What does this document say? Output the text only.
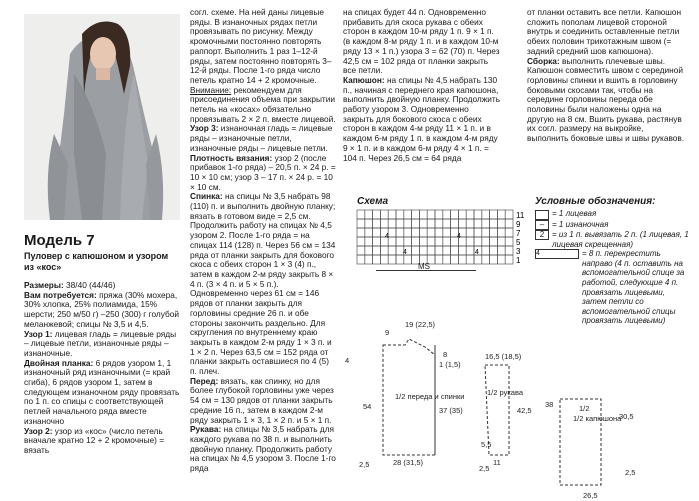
Модель 7
Пуловер с капюшоном и узором из «кос»

Размеры: 38/40 (44/46)

Вам потребуется: пряжа (30% мохера, 30% хлопка, 25% полиамида, 15% шерсти; 250 м/50 г) –250 (300) г голубой меланжевой; спицы № 3,5 и 4,5.

Узор 1: лицевая гладь = лицевые ряды – лицевые петли, изнаночные ряды – изнаночные.

Двойная планка: 6 рядов узором 1, 1 изнаночный ряд изнаночными (= край сгиба), 6 рядов узором 1, затем в следующем изнаночном ряду провязать по 1 п. со спицы с соответствующей петлей начального ряда вместе изнаночно

Узор 2: узор из «кос» (число петель вначале кратно 12 + 2 кромочные) = вязать

согл. схеме. На ней даны лицевые ряды. В изнаночных рядах петли провязывать по рисунку. Между кромочными постоянно повторять раппорт. Выполнить 1 раз 1–12-й ряды, затем постоянно повторять 3–12-й ряды. После 1-го ряда число петель кратно 14 + 2 кромочные.

Внимание: рекомендуем для присоединения объема при закрытии петель на «косах» обязательно провязывать 2 × 2 п. вместе лицевой.

Узор 3: изнаночная гладь = лицевые ряды – изнаночные петли, изнаночные ряды – лицевые петли.

Плотность вязания: узор 2 (после прибавок 1-го ряда) – 20,5 п. × 24 р. = 10 × 10 см; узор 3 – 17 п. × 24 р. = 10 × 10 см.

Спинка: на спицы № 3,5 набрать 98 (110) п. и выполнить двойную планку; вязать в готовом виде = 2,5 см. Продолжить работу на спицах № 4,5 узором 2. После 1-го ряда = на спицах 114 (128) п. Через 56 см = 134 ряда от планки закрыть для бокового скоса с обеих сторон 1 × 3 (4) п., затем в каждом 2-м ряду закрыть 8 × 4 п. (3 × 4 п. и 5 × 5 п.). Одновременно через 61 см = 146 рядов от планки закрыть для горловины средние 26 п. и обе стороны закончить раздельно. Для скругления по внутреннему краю закрыть в каждом 2-м ряду 1 × 3 п. и 1 × 2 п. Через 63,5 см = 152 ряда от планки закрыть оставшиеся по 4 (5) п. плеч.

Перед: вязать, как спинку, но для более глубокой горловины уже через 54 см = 130 рядов от планки закрыть средние 16 п., затем в каждом 2-м ряду закрыть 1 × 3, 1 × 2 п. и 5 × 1 п.

Рукава: на спицы № 3,5 набрать для каждого рукава по 38 п. и выполнить двойную планку. Продолжить работу на спицах № 4,5 узором 3. После 1-го ряда

на спицах будет 44 п. Одновременно прибавить для скоса рукава с обеих сторон в каждом 10-м ряду 1 п. 9 × 1 п. (в каждом 8-м ряду 1 п. и в каждом 10-м ряду 13 × 1 п.) узора 3 = 62 (70) п. Через 42,5 см = 102 ряда от планки закрыть все петли.

Капюшон: на спицы № 4,5 набрать 130 п., начиная с переднего края капюшона, выполнить двойную планку. Продолжить работу узором 3. Одновременно закрыть для бокового скоса с обеих сторон в каждом 4-м ряду 11 × 1 п. и в каждом 6-м ряду 1 п. в каждом 4-м ряду 9 × 1 п. и в каждом 6-м ряду 4 × 1 п. = 104 п. Через 26,5 см = 64 ряда

от планки оставить все петли. Капюшон сложить пополам лицевой стороной внутрь и соединить оставленные петли обеих половин трикотажным швом (= задний средний шов капюшона).

Сборка: выполнить плечевые швы. Капюшон совместить швом с серединой горловины спинки и вшить в горловину боковыми скосами так, чтобы на середине горловины переда обе половины были наложены одна на другую на 8 см. Вшить рукава, растянув их согл. размеру на выкройке, выполнить боковые швы и швы рукавов.

Схема
11
9
7
5
3
1
4	4
4	4
MS
Условные обозначения:
= 1 лицевая
– = 1 изнаночная
2 = из 1 п. вывязать 2 п. (1 лицевая, 1 лицевая скрещенная)
4	= 8 п. перекрестить направо (4 п. оставить на вспомогательной спице за работой, следующие 4 п. провязать лицевыми, затем петли со вспомогательной спицы провязать лицевыми)
1/2 переда и спинки
9
19 (22,5)
28 (31,5)
8
1 (1,5)
37 (35)
54
2,5
4
1/2 рукава
16,5 (18,5)
11
42,5
2,5
5,5
1/2 капюшона
1/2
26,5
30,5
38
2,5
